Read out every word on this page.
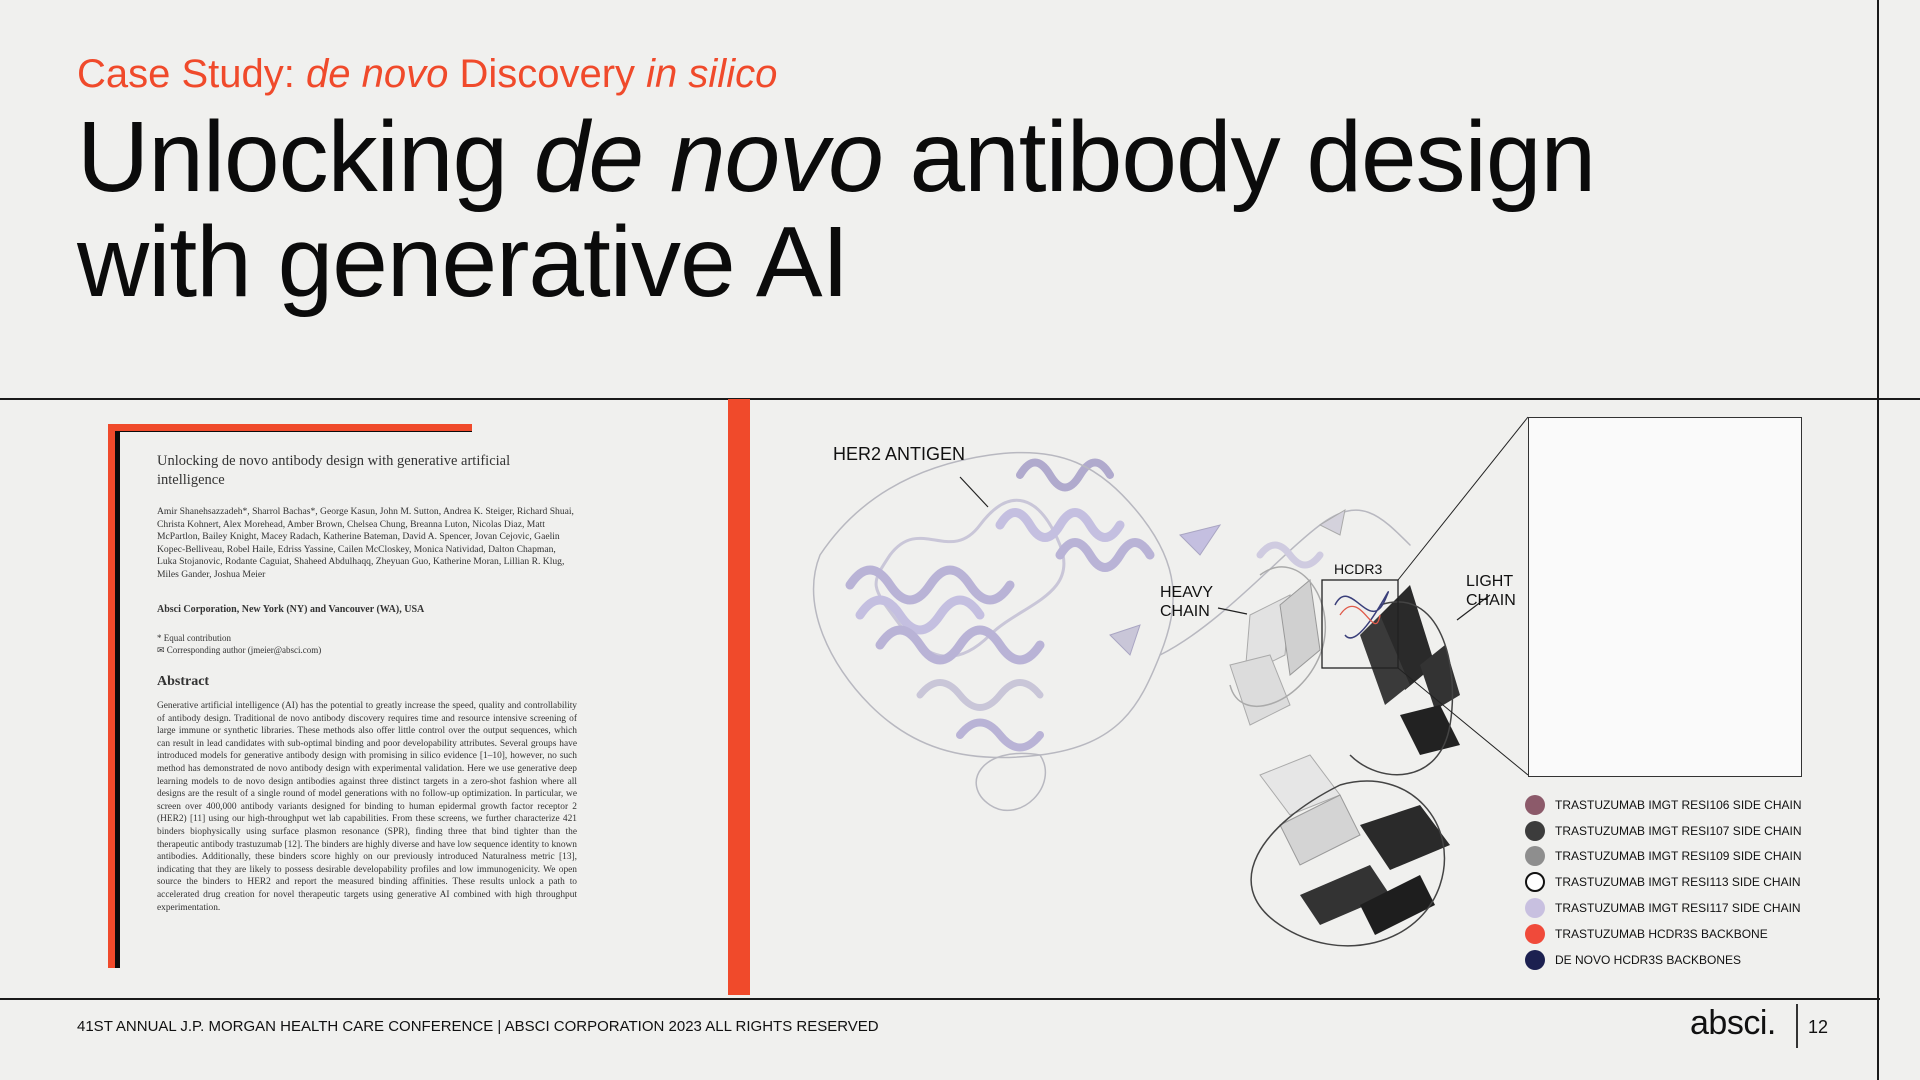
Case Study: de novo Discovery in silico
Unlocking de novo antibody design
with generative AI
Unlocking de novo antibody design with generative artificial intelligence
Amir Shanehsazzadeh*, Sharrol Bachas*, George Kasun, John M. Sutton, Andrea K. Steiger, Richard Shuai, Christa Kohnert, Alex Morehead, Amber Brown, Chelsea Chung, Breanna Luton, Nicolas Diaz, Matt McPartlon, Bailey Knight, Macey Radach, Katherine Bateman, David A. Spencer, Jovan Cejovic, Gaelin Kopec-Belliveau, Robel Haile, Edriss Yassine, Cailen McCloskey, Monica Natividad, Dalton Chapman, Luka Stojanovic, Rodante Caguiat, Shaheed Abdulhaqq, Zheyuan Guo, Katherine Moran, Lillian R. Klug, Miles Gander, Joshua Meier
Absci Corporation, New York (NY) and Vancouver (WA), USA
* Equal contribution
✉ Corresponding author (jmeier@absci.com)
Abstract
Generative artificial intelligence (AI) has the potential to greatly increase the speed, quality and controllability of antibody design. Traditional de novo antibody discovery requires time and resource intensive screening of large immune or synthetic libraries. These methods also offer little control over the output sequences, which can result in lead candidates with sub-optimal binding and poor developability attributes. Several groups have introduced models for generative antibody design with promising in silico evidence [1–10], however, no such method has demonstrated de novo antibody design with experimental validation. Here we use generative deep learning models to de novo design antibodies against three distinct targets in a zero-shot fashion where all designs are the result of a single round of model generations with no follow-up optimization. In particular, we screen over 400,000 antibody variants designed for binding to human epidermal growth factor receptor 2 (HER2) [11] using our high-throughput wet lab capabilities. From these screens, we further characterize 421 binders biophysically using surface plasmon resonance (SPR), finding three that bind tighter than the therapeutic antibody trastuzumab [12]. The binders are highly diverse and have low sequence identity to known antibodies. Additionally, these binders score highly on our previously introduced Naturalness metric [13], indicating that they are likely to possess desirable developability profiles and low immunogenicity. We open source the binders to HER2 and report the measured binding affinities. These results unlock a path to accelerated drug creation for novel therapeutic targets using generative AI combined with high throughput experimentation.
HER2 ANTIGEN
HEAVY CHAIN
LIGHT CHAIN
HCDR3
TRASTUZUMAB IMGT RESI106 SIDE CHAIN
TRASTUZUMAB IMGT RESI107 SIDE CHAIN
TRASTUZUMAB IMGT RESI109 SIDE CHAIN
TRASTUZUMAB IMGT RESI113 SIDE CHAIN
TRASTUZUMAB IMGT RESI117 SIDE CHAIN
TRASTUZUMAB HCDR3S BACKBONE
DE NOVO HCDR3S BACKBONES
41ST ANNUAL J.P. MORGAN HEALTH CARE CONFERENCE | ABSCI CORPORATION 2023 ALL RIGHTS RESERVED	absci. 12
